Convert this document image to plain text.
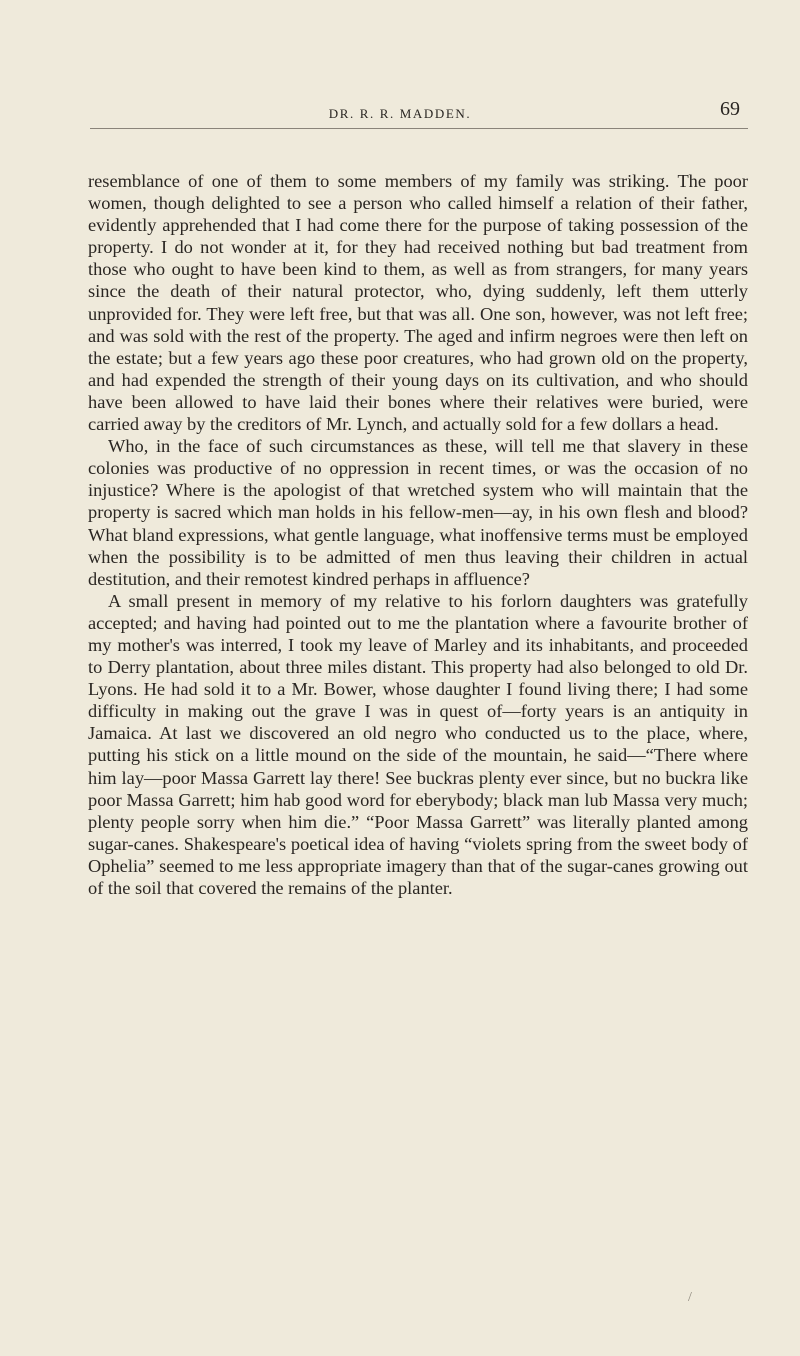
DR. R. R. MADDEN.	69

resemblance of one of them to some members of my family was striking. The poor women, though delighted to see a person who called himself a relation of their father, evidently apprehended that I had come there for the purpose of taking possession of the property. I do not wonder at it, for they had received nothing but bad treatment from those who ought to have been kind to them, as well as from strangers, for many years since the death of their natural protector, who, dying suddenly, left them utterly unprovided for. They were left free, but that was all. One son, however, was not left free; and was sold with the rest of the property. The aged and infirm negroes were then left on the estate; but a few years ago these poor creatures, who had grown old on the property, and had expended the strength of their young days on its cultivation, and who should have been allowed to have laid their bones where their relatives were buried, were carried away by the creditors of Mr. Lynch, and actually sold for a few dollars a head.

Who, in the face of such circumstances as these, will tell me that slavery in these colonies was productive of no oppression in recent times, or was the occasion of no injustice? Where is the apologist of that wretched system who will maintain that the property is sacred which man holds in his fellow-men—ay, in his own flesh and blood? What bland expressions, what gentle language, what inoffensive terms must be employed when the possibility is to be admitted of men thus leaving their children in actual destitution, and their remotest kindred perhaps in affluence?

A small present in memory of my relative to his forlorn daughters was gratefully accepted; and having had pointed out to me the plantation where a favourite brother of my mother's was interred, I took my leave of Marley and its inhabitants, and proceeded to Derry plantation, about three miles distant. This property had also belonged to old Dr. Lyons. He had sold it to a Mr. Bower, whose daughter I found living there; I had some difficulty in making out the grave I was in quest of—forty years is an antiquity in Jamaica. At last we discovered an old negro who conducted us to the place, where, putting his stick on a little mound on the side of the mountain, he said—“There where him lay—poor Massa Garrett lay there! See buckras plenty ever since, but no buckra like poor Massa Garrett; him hab good word for eberybody; black man lub Massa very much; plenty people sorry when him die.” “Poor Massa Garrett” was literally planted among sugar-canes. Shakespeare's poetical idea of having “violets spring from the sweet body of Ophelia” seemed to me less appropriate imagery than that of the sugar-canes growing out of the soil that covered the remains of the planter.

/
